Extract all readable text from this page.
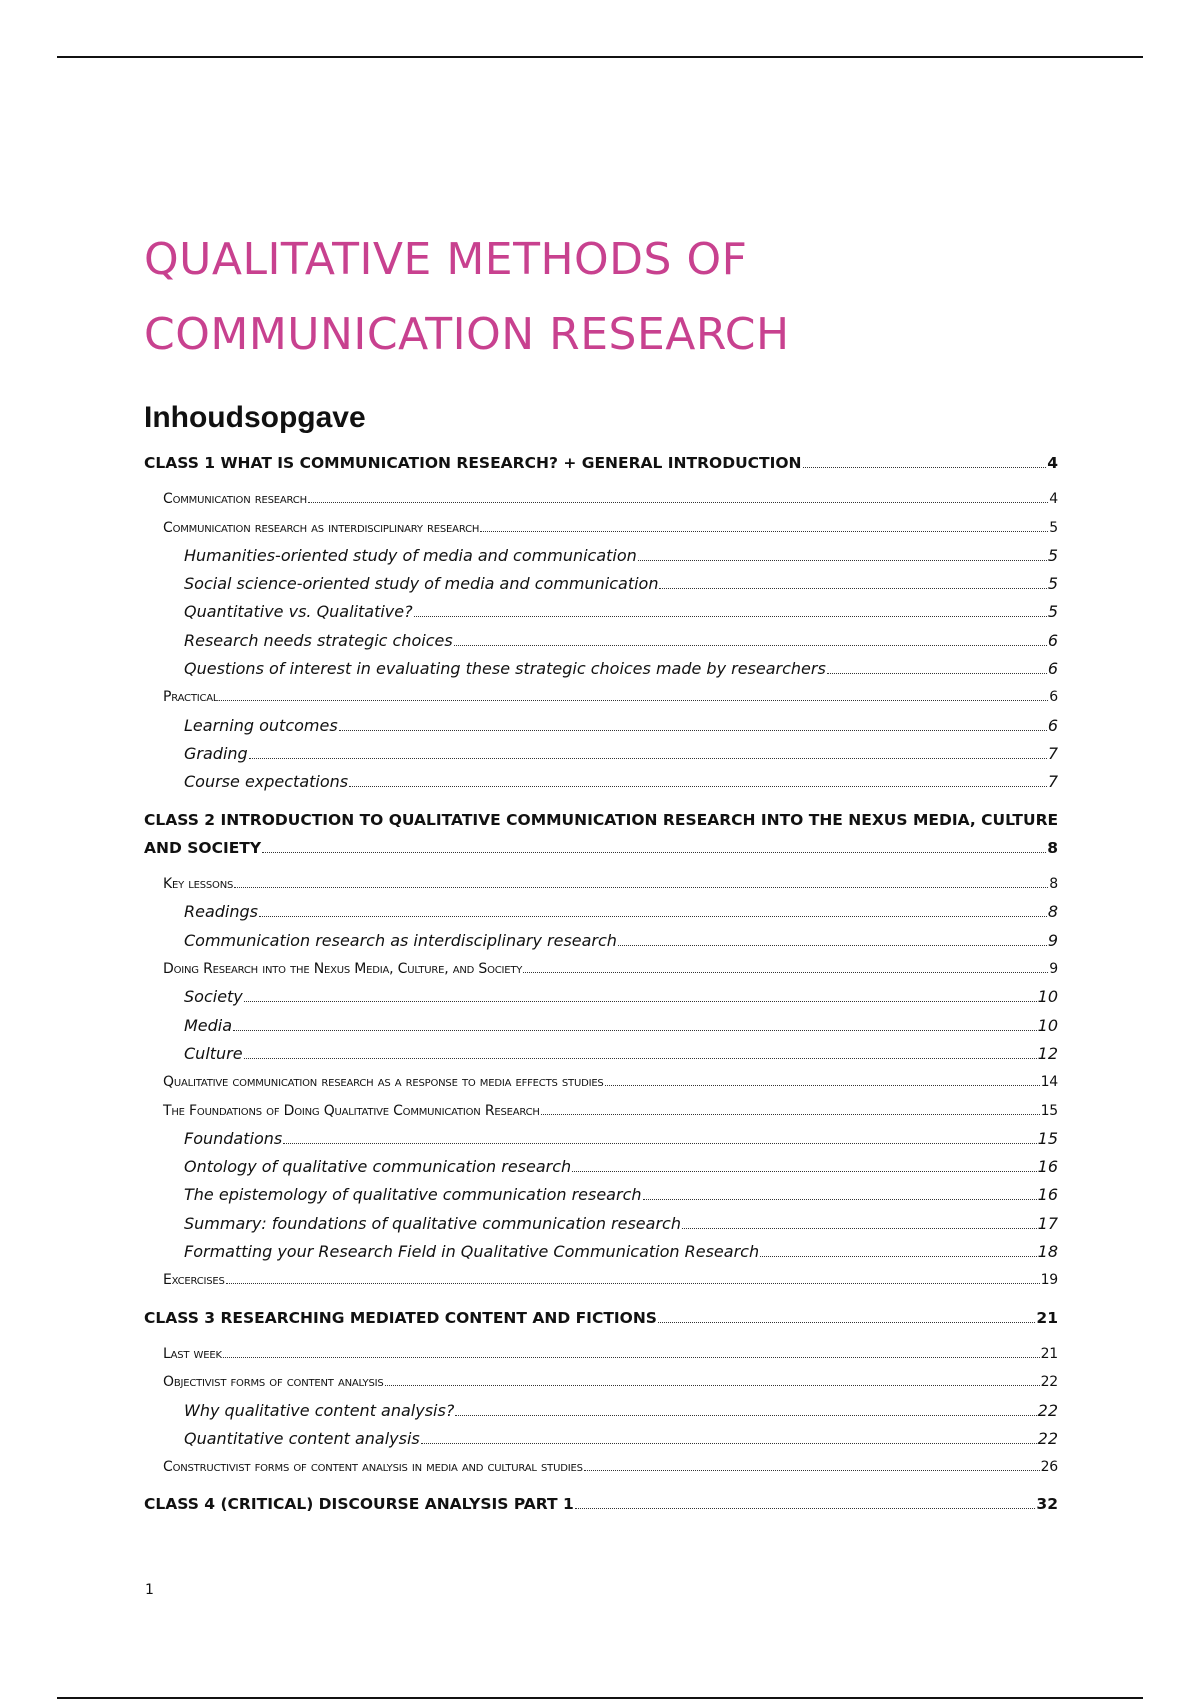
QUALITATIVE METHODS OF
COMMUNICATION RESEARCH
Inhoudsopgave
CLASS 1 WHAT IS COMMUNICATION RESEARCH? + GENERAL INTRODUCTION	4
Communication research	4
Communication research as interdisciplinary research	5
Humanities-oriented study of media and communication	5
Social science-oriented study of media and communication	5
Quantitative vs. Qualitative?	5
Research needs strategic choices	6
Questions of interest in evaluating these strategic choices made by researchers	6
Practical	6
Learning outcomes	6
Grading	7
Course expectations	7
CLASS 2 INTRODUCTION TO QUALITATIVE COMMUNICATION RESEARCH INTO THE NEXUS MEDIA, CULTURE
AND SOCIETY	8
Key lessons	8
Readings	8
Communication research as interdisciplinary research	9
Doing Research into the Nexus Media, Culture, and Society	9
Society	10
Media	10
Culture	12
Qualitative communication research as a response to media effects studies	14
The Foundations of Doing Qualitative Communication Research	15
Foundations	15
Ontology of qualitative communication research	16
The epistemology of qualitative communication research	16
Summary: foundations of qualitative communication research	17
Formatting your Research Field in Qualitative Communication Research	18
Excercises	19
CLASS 3 RESEARCHING MEDIATED CONTENT AND FICTIONS	21
Last week	21
Objectivist forms of content analysis	22
Why qualitative content analysis?	22
Quantitative content analysis	22
Constructivist forms of content analysis in media and cultural studies	26
CLASS 4 (CRITICAL) DISCOURSE ANALYSIS PART 1	32
1
